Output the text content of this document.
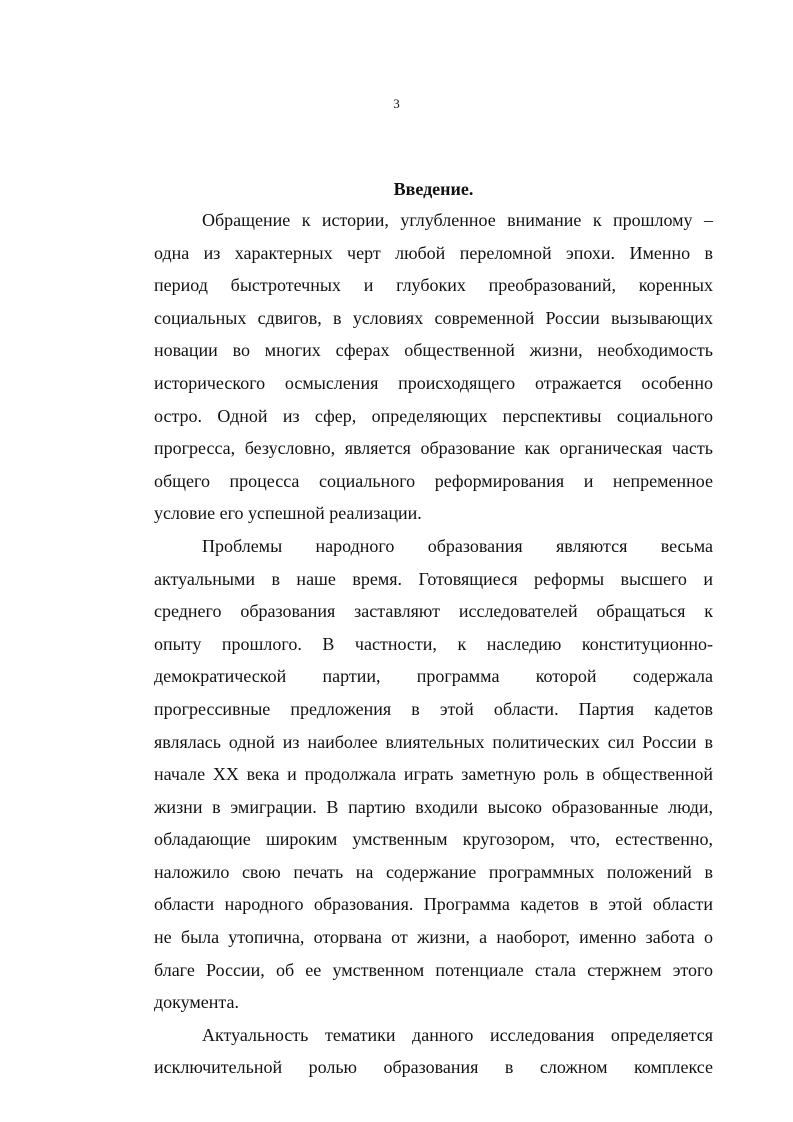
3
Введение.
Обращение к истории, углубленное внимание к прошлому –
одна из характерных черт любой переломной эпохи. Именно в
период быстротечных и глубоких преобразований, коренных
социальных сдвигов, в условиях современной России вызывающих
новации во многих сферах общественной жизни, необходимость
исторического осмысления происходящего отражается особенно
остро. Одной из сфер, определяющих перспективы социального
прогресса, безусловно, является образование как органическая часть
общего процесса социального реформирования и непременное
условие его успешной реализации.
Проблемы народного образования являются весьма
актуальными в наше время. Готовящиеся реформы высшего и
среднего образования заставляют исследователей обращаться к
опыту прошлого. В частности, к наследию конституционно-
демократической партии, программа которой содержала
прогрессивные предложения в этой области. Партия кадетов
являлась одной из наиболее влиятельных политических сил России в
начале XX века и продолжала играть заметную роль в общественной
жизни в эмиграции. В партию входили высоко образованные люди,
обладающие широким умственным кругозором, что, естественно,
наложило свою печать на содержание программных положений в
области народного образования. Программа кадетов в этой области
не была утопична, оторвана от жизни, а наоборот, именно забота о
благе России, об ее умственном потенциале стала стержнем этого
документа.
Актуальность тематики данного исследования определяется
исключительной ролью образования в сложном комплексе
